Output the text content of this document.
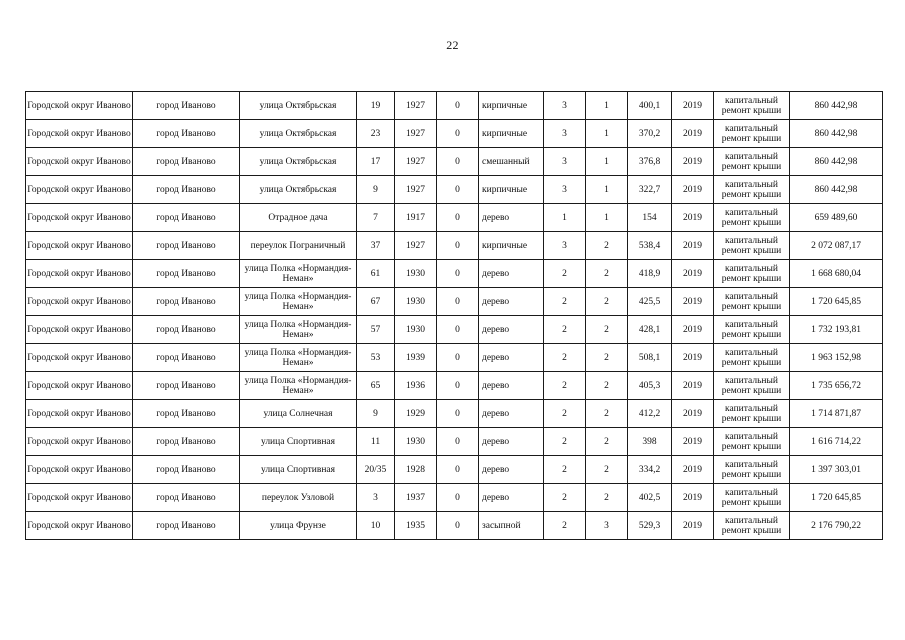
22
Городской округ Иваново	город Иваново	улица Октябрьская	19	1927	0	кирпичные	3	1	400,1	2019	капитальный ремонт крыши	860 442,98
Городской округ Иваново	город Иваново	улица Октябрьская	23	1927	0	кирпичные	3	1	370,2	2019	капитальный ремонт крыши	860 442,98
Городской округ Иваново	город Иваново	улица Октябрьская	17	1927	0	смешанный	3	1	376,8	2019	капитальный ремонт крыши	860 442,98
Городской округ Иваново	город Иваново	улица Октябрьская	9	1927	0	кирпичные	3	1	322,7	2019	капитальный ремонт крыши	860 442,98
Городской округ Иваново	город Иваново	Отрадное дача	7	1917	0	дерево	1	1	154	2019	капитальный ремонт крыши	659 489,60
Городской округ Иваново	город Иваново	переулок Пограничный	37	1927	0	кирпичные	3	2	538,4	2019	капитальный ремонт крыши	2 072 087,17
Городской округ Иваново	город Иваново	улица Полка «Нормандия-Неман»	61	1930	0	дерево	2	2	418,9	2019	капитальный ремонт крыши	1 668 680,04
Городской округ Иваново	город Иваново	улица Полка «Нормандия-Неман»	67	1930	0	дерево	2	2	425,5	2019	капитальный ремонт крыши	1 720 645,85
Городской округ Иваново	город Иваново	улица Полка «Нормандия-Неман»	57	1930	0	дерево	2	2	428,1	2019	капитальный ремонт крыши	1 732 193,81
Городской округ Иваново	город Иваново	улица Полка «Нормандия-Неман»	53	1939	0	дерево	2	2	508,1	2019	капитальный ремонт крыши	1 963 152,98
Городской округ Иваново	город Иваново	улица Полка «Нормандия-Неман»	65	1936	0	дерево	2	2	405,3	2019	капитальный ремонт крыши	1 735 656,72
Городской округ Иваново	город Иваново	улица Солнечная	9	1929	0	дерево	2	2	412,2	2019	капитальный ремонт крыши	1 714 871,87
Городской округ Иваново	город Иваново	улица Спортивная	11	1930	0	дерево	2	2	398	2019	капитальный ремонт крыши	1 616 714,22
Городской округ Иваново	город Иваново	улица Спортивная	20/35	1928	0	дерево	2	2	334,2	2019	капитальный ремонт крыши	1 397 303,01
Городской округ Иваново	город Иваново	переулок Узловой	3	1937	0	дерево	2	2	402,5	2019	капитальный ремонт крыши	1 720 645,85
Городской округ Иваново	город Иваново	улица Фрунзе	10	1935	0	засыпной	2	3	529,3	2019	капитальный ремонт крыши	2 176 790,22
